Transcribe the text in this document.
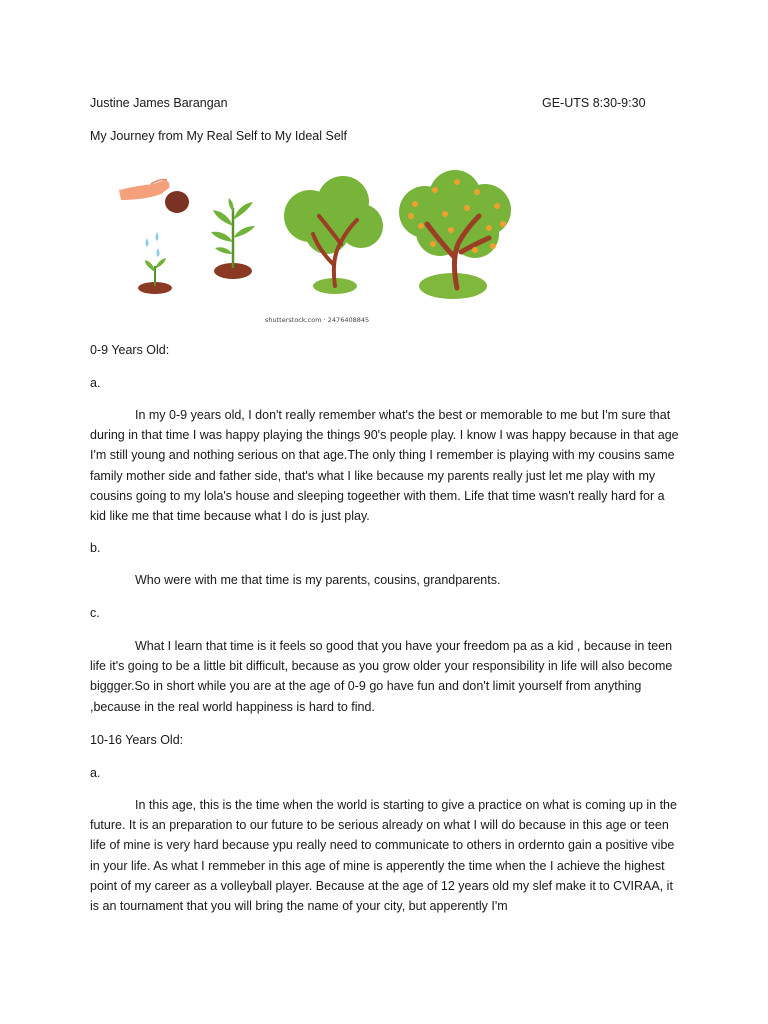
Justine James Barangan	GE-UTS 8:30-9:30
My Journey from My Real Self to My Ideal Self
shutterstock.com · 2476408845
0-9 Years Old:
a.
In my 0-9 years old, I don't really remember what's the best or memorable to me but I'm sure that during in that time I was happy playing the things 90's people play. I know I was happy because in that age I'm still young and nothing serious on that age.The only thing I remember is playing with my cousins same family mother side and father side, that's what I like because my parents really just let me play with my cousins going to my lola's house and sleeping togeether with them. Life that time wasn't really hard for a kid like me that time because what I do is just play.
b.
Who were with me that time is my parents, cousins, grandparents.
c.
What I learn that time is it feels so good that you have your freedom pa as a kid , because in teen life it's going to be a little bit difficult, because as you grow older your responsibility in life will also become biggger.So in short while you are at the age of 0-9 go have fun and don't limit yourself from anything ,because in the real world happiness is hard to find.
10-16 Years Old:
a.
In this age, this is the time when the world is starting to give a practice on what is coming up in the future. It is an preparation to our future to be serious already on what I will do because in this age or teen life of mine is very hard because ypu really need to communicate to others in ordernto gain a positive vibe in your life. As what I remmeber in this age of mine is apperently the time when the I achieve the highest point of my career as a volleyball player. Because at the age of 12 years old my slef make it to CVIRAA, it is an tournament that you will bring the name of your city, but apperently I'm
